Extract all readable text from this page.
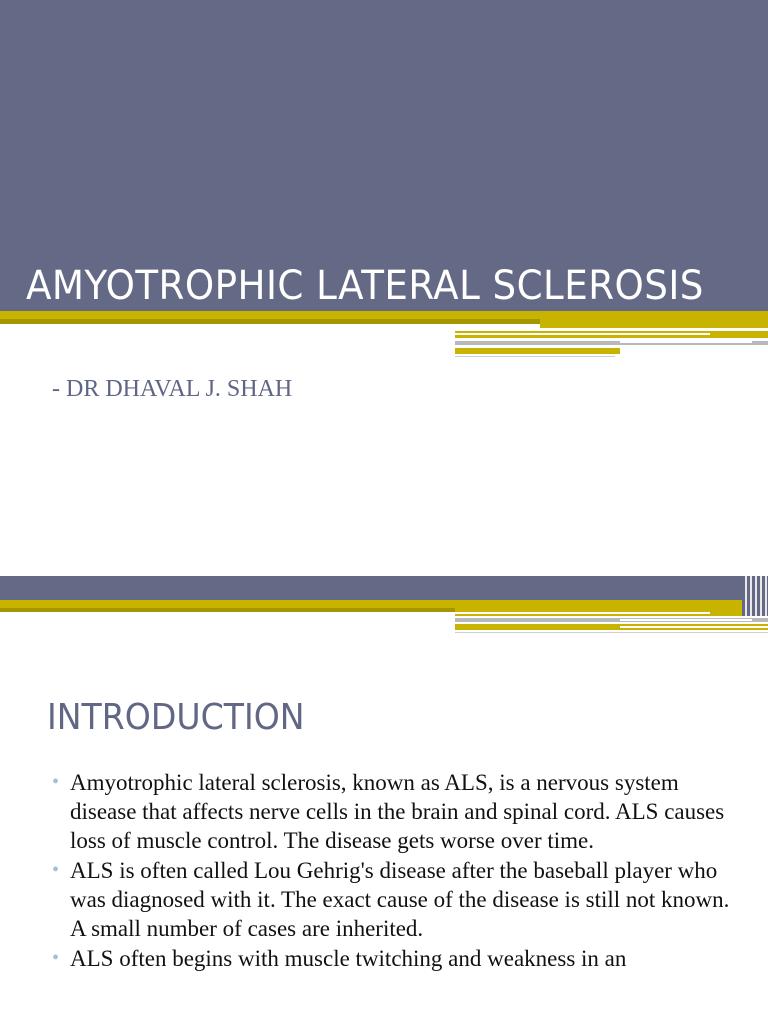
AMYOTROPHIC LATERAL SCLEROSIS
- DR DHAVAL J. SHAH
INTRODUCTION
• Amyotrophic lateral sclerosis, known as ALS, is a nervous system disease that affects nerve cells in the brain and spinal cord. ALS causes loss of muscle control. The disease gets worse over time.
• ALS is often called Lou Gehrig's disease after the baseball player who was diagnosed with it. The exact cause of the disease is still not known. A small number of cases are inherited.
• ALS often begins with muscle twitching and weakness in an
